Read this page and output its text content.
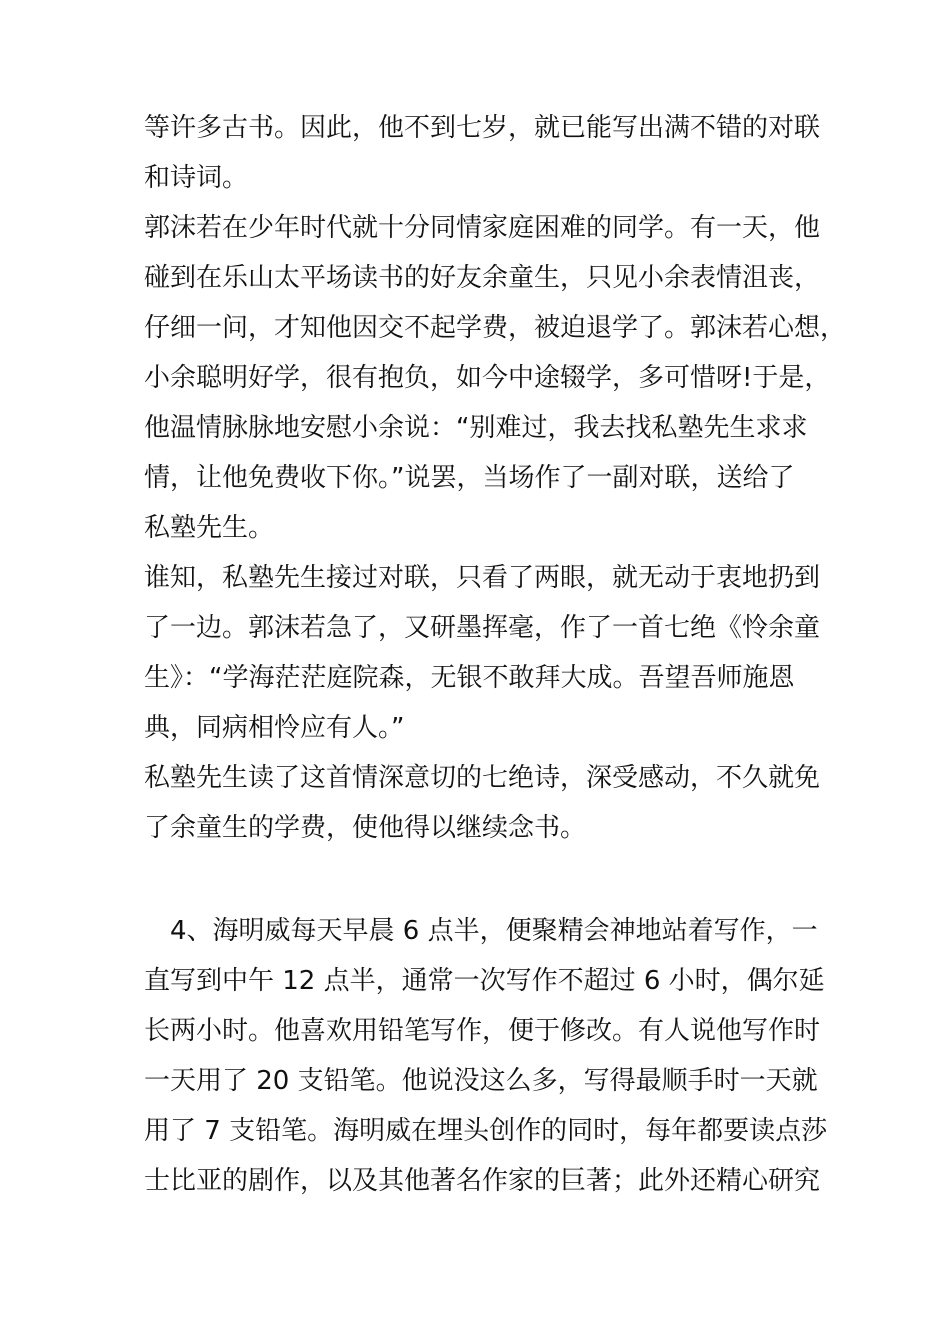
等许多古书。因此，他不到七岁，就已能写出满不错的对联
和诗词。
郭沫若在少年时代就十分同情家庭困难的同学。有一天，他
碰到在乐山太平场读书的好友余童生，只见小余表情沮丧，
仔细一问，才知他因交不起学费，被迫退学了。郭沫若心想，
小余聪明好学，很有抱负，如今中途辍学，多可惜呀!于是，
他温情脉脉地安慰小余说：“别难过，我去找私塾先生求求
情，让他免费收下你。”说罢，当场作了一副对联，送给了
私塾先生。
谁知，私塾先生接过对联，只看了两眼，就无动于衷地扔到
了一边。郭沫若急了，又研墨挥毫，作了一首七绝《怜余童
生》：“学海茫茫庭院森，无银不敢拜大成。吾望吾师施恩
典，同病相怜应有人。”
私塾先生读了这首情深意切的七绝诗，深受感动，不久就免
了余童生的学费，使他得以继续念书。
4、海明威每天早晨 6 点半，便聚精会神地站着写作，一
直写到中午 12 点半，通常一次写作不超过 6 小时，偶尔延
长两小时。他喜欢用铅笔写作，便于修改。有人说他写作时
一天用了 20 支铅笔。他说没这么多，写得最顺手时一天就
用了 7 支铅笔。海明威在埋头创作的同时，每年都要读点莎
士比亚的剧作，以及其他著名作家的巨著；此外还精心研究
